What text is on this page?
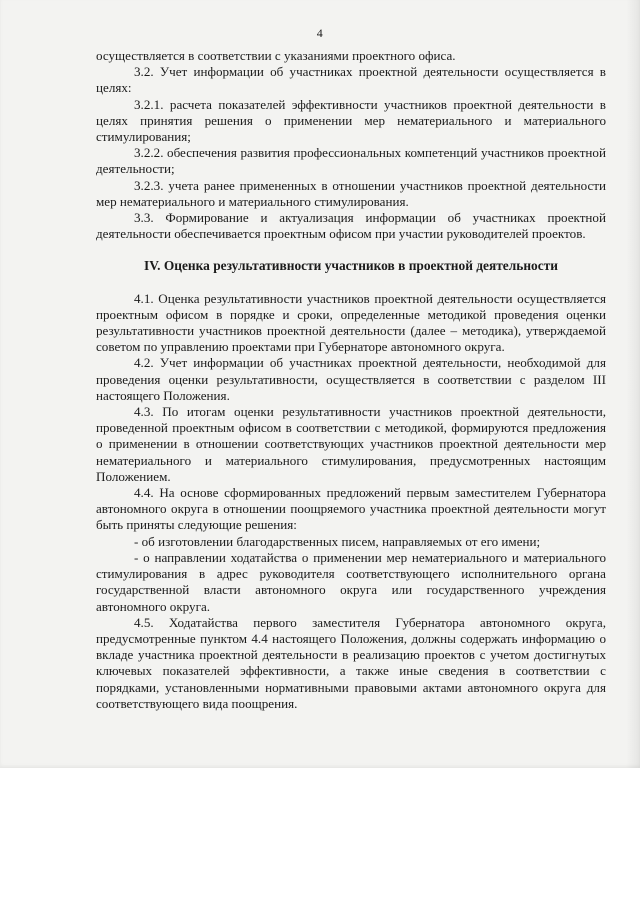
4

осуществляется в соответствии с указаниями проектного офиса.

3.2. Учет информации об участниках проектной деятельности осуществляется в целях:

3.2.1. расчета показателей эффективности участников проектной деятельности в целях принятия решения о применении мер нематериального и материального стимулирования;

3.2.2. обеспечения развития профессиональных компетенций участников проектной деятельности;

3.2.3. учета ранее примененных в отношении участников проектной деятельности мер нематериального и материального стимулирования.

3.3. Формирование и актуализация информации об участниках проектной деятельности обеспечивается проектным офисом при участии руководителей проектов.

IV. Оценка результативности участников в проектной деятельности

4.1. Оценка результативности участников проектной деятельности осуществляется проектным офисом в порядке и сроки, определенные методикой проведения оценки результативности участников проектной деятельности (далее – методика), утверждаемой советом по управлению проектами при Губернаторе автономного округа.

4.2. Учет информации об участниках проектной деятельности, необходимой для проведения оценки результативности, осуществляется в соответствии с разделом III настоящего Положения.

4.3. По итогам оценки результативности участников проектной деятельности, проведенной проектным офисом в соответствии с методикой, формируются предложения о применении в отношении соответствующих участников проектной деятельности мер нематериального и материального стимулирования, предусмотренных настоящим Положением.

4.4. На основе сформированных предложений первым заместителем Губернатора автономного округа в отношении поощряемого участника проектной деятельности могут быть приняты следующие решения:

- об изготовлении благодарственных писем, направляемых от его имени;

- о направлении ходатайства о применении мер нематериального и материального стимулирования в адрес руководителя соответствующего исполнительного органа государственной власти автономного округа или государственного учреждения автономного округа.

4.5. Ходатайства первого заместителя Губернатора автономного округа, предусмотренные пунктом 4.4 настоящего Положения, должны содержать информацию о вкладе участника проектной деятельности в реализацию проектов с учетом достигнутых ключевых показателей эффективности, а также иные сведения в соответствии с порядками, установленными нормативными правовыми актами автономного округа для соответствующего вида поощрения.
